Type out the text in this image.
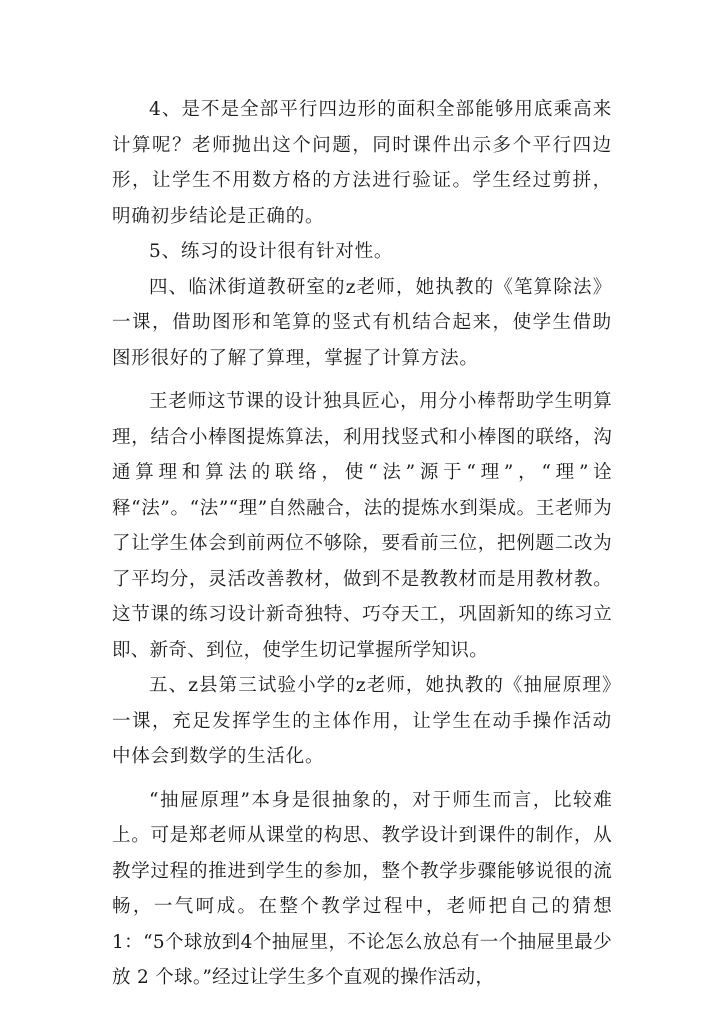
4、是不是全部平行四边形的面积全部能够用底乘高来计算呢？老师抛出这个问题，同时课件出示多个平行四边形，让学生不用数方格的方法进行验证。学生经过剪拼，明确初步结论是正确的。

5、练习的设计很有针对性。

四、临沭街道教研室的z老师，她执教的《笔算除法》一课，借助图形和笔算的竖式有机结合起来，使学生借助图形很好的了解了算理，掌握了计算方法。

王老师这节课的设计独具匠心，用分小棒帮助学生明算理，结合小棒图提炼算法，利用找竖式和小棒图的联络，沟通算理和算法的联络，使“法”源于“理”，“理”诠释“法”。“法”“理”自然融合，法的提炼水到渠成。王老师为了让学生体会到前两位不够除，要看前三位，把例题二改为了平均分，灵活改善教材，做到不是教教材而是用教材教。这节课的练习设计新奇独特、巧夺天工，巩固新知的练习立即、新奇、到位，使学生切记掌握所学知识。

五、z县第三试验小学的z老师，她执教的《抽屉原理》一课，充足发挥学生的主体作用，让学生在动手操作活动中体会到数学的生活化。

“抽屉原理”本身是很抽象的，对于师生而言，比较难上。可是郑老师从课堂的构思、教学设计到课件的制作，从教学过程的推进到学生的参加，整个教学步骤能够说很的流畅，一气呵成。在整个教学过程中，老师把自己的猜想1：“5个球放到4个抽屉里，不论怎么放总有一个抽屉里最少放 2 个球。”经过让学生多个直观的操作活动，
